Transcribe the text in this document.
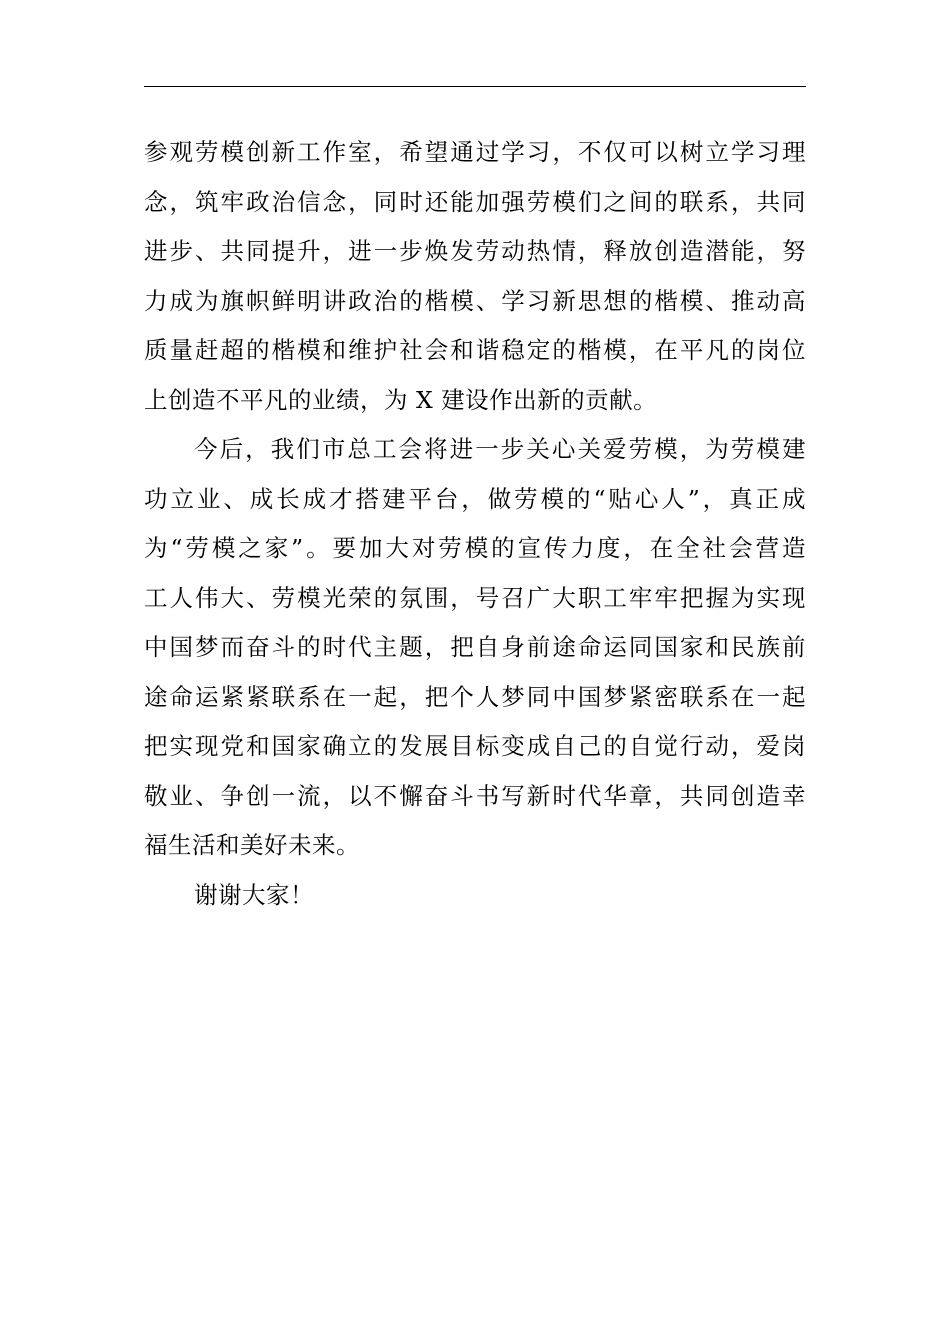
参观劳模创新工作室，希望通过学习，不仅可以树立学习理
念，筑牢政治信念，同时还能加强劳模们之间的联系，共同
进步、共同提升，进一步焕发劳动热情，释放创造潜能，努
力成为旗帜鲜明讲政治的楷模、学习新思想的楷模、推动高
质量赶超的楷模和维护社会和谐稳定的楷模，在平凡的岗位
上创造不平凡的业绩，为 X 建设作出新的贡献。
今后，我们市总工会将进一步关心关爱劳模，为劳模建
功立业、成长成才搭建平台，做劳模的“贴心人”，真正成
为“劳模之家”。要加大对劳模的宣传力度，在全社会营造
工人伟大、劳模光荣的氛围，号召广大职工牢牢把握为实现
中国梦而奋斗的时代主题，把自身前途命运同国家和民族前
途命运紧紧联系在一起，把个人梦同中国梦紧密联系在一起
把实现党和国家确立的发展目标变成自己的自觉行动，爱岗
敬业、争创一流，以不懈奋斗书写新时代华章，共同创造幸
福生活和美好未来。
谢谢大家！
